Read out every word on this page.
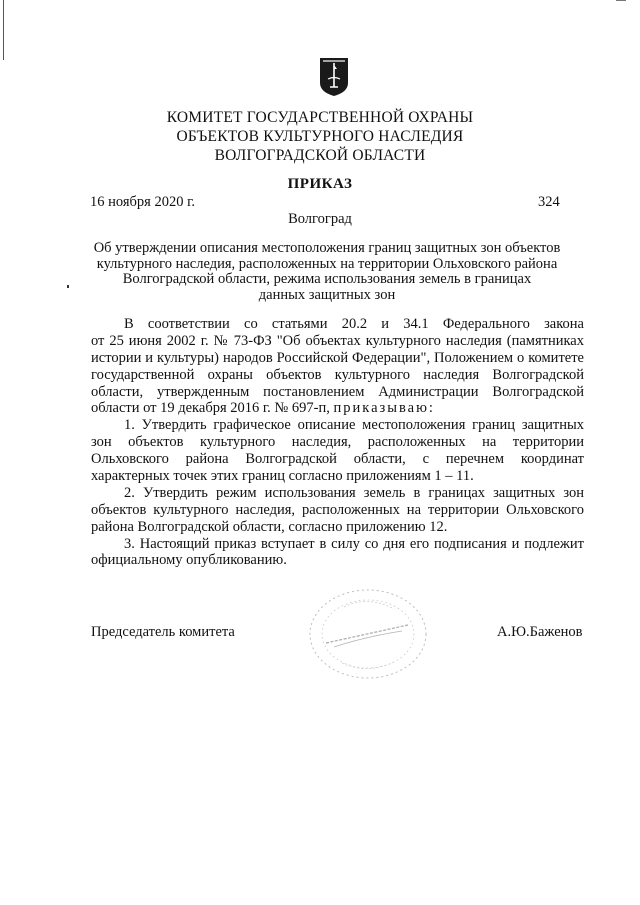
КОМИТЕТ ГОСУДАРСТВЕННОЙ ОХРАНЫ
ОБЪЕКТОВ КУЛЬТУРНОГО НАСЛЕДИЯ
ВОЛГОГРАДСКОЙ ОБЛАСТИ
ПРИКАЗ
16 ноября 2020 г.	324
Волгоград
Об утверждении описания местоположения границ защитных зон объектов
культурного наследия, расположенных на территории Ольховского района
Волгоградской области, режима использования земель в границах
данных защитных зон
В соответствии со статьями 20.2 и 34.1 Федерального закона
от 25 июня 2002 г. № 73-ФЗ "Об объектах культурного наследия (памятниках
истории и культуры) народов Российской Федерации", Положением о комитете
государственной охраны объектов культурного наследия Волгоградской
области, утвержденным постановлением Администрации Волгоградской
области от 19 декабря 2016 г. № 697-п, приказываю:
1. Утвердить графическое описание местоположения границ защитных
зон объектов культурного наследия, расположенных на территории
Ольховского района Волгоградской области, с перечнем координат
характерных точек этих границ согласно приложениям 1 – 11.
2. Утвердить режим использования земель в границах защитных зон
объектов культурного наследия, расположенных на территории Ольховского
района Волгоградской области, согласно приложению 12.
3. Настоящий приказ вступает в силу со дня его подписания и подлежит
официальному опубликованию.
Председатель комитета	А.Ю.Баженов
